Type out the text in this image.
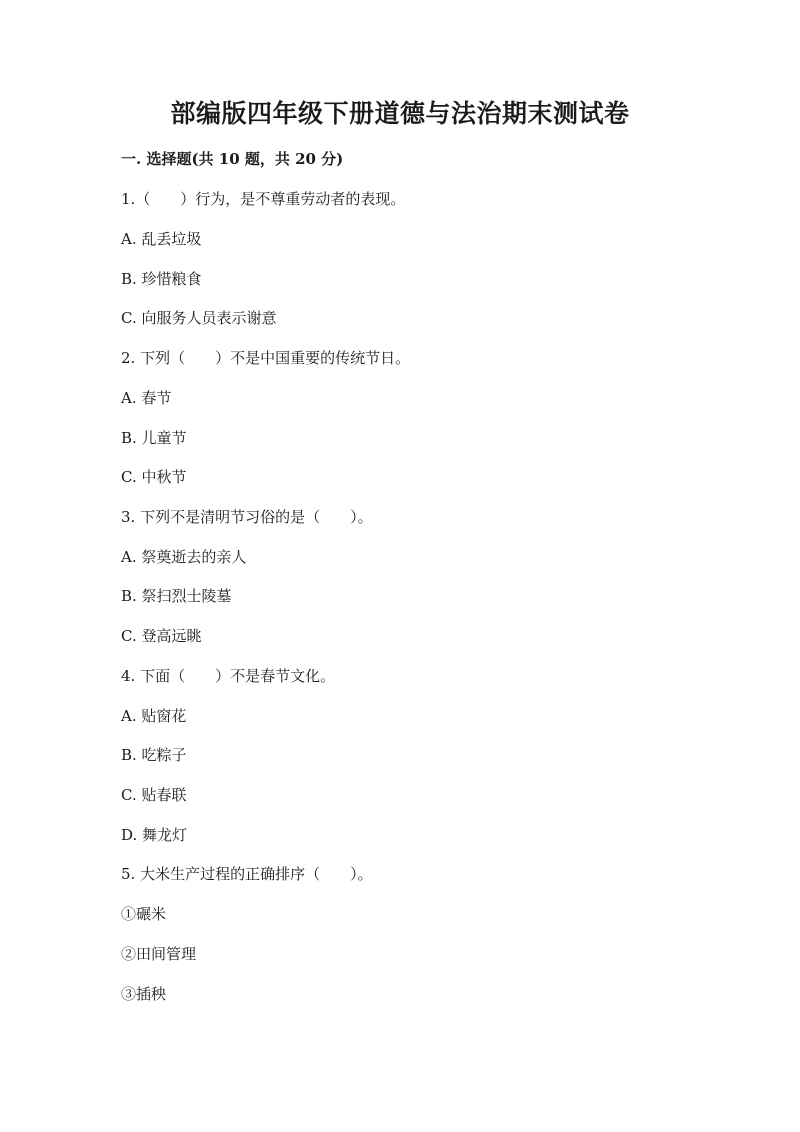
部编版四年级下册道德与法治期末测试卷
一. 选择题(共 10 题，共 20 分)
1.（　　）行为，是不尊重劳动者的表现。
A. 乱丢垃圾
B. 珍惜粮食
C. 向服务人员表示谢意
2. 下列（　　）不是中国重要的传统节日。
A. 春节
B. 儿童节
C. 中秋节
3. 下列不是清明节习俗的是（　　）。
A. 祭奠逝去的亲人
B. 祭扫烈士陵墓
C. 登高远眺
4. 下面（　　）不是春节文化。
A. 贴窗花
B. 吃粽子
C. 贴春联
D. 舞龙灯
5. 大米生产过程的正确排序（　　）。
①碾米
②田间管理
③插秧
